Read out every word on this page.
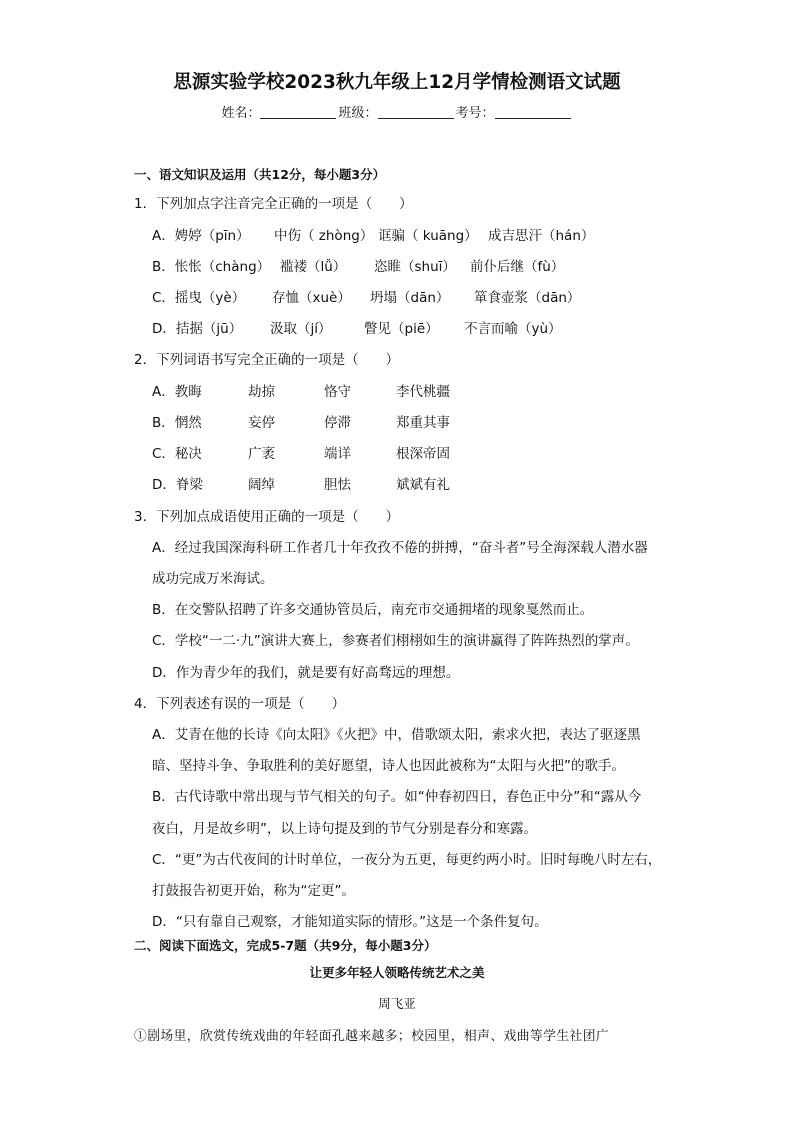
思源实验学校2023秋九年级上12月学情检测语文试题
姓名：	班级：	考号：
一、语文知识及运用（共12分，每小题3分）
1．下列加点字注音完全正确的一项是（　　）
A．娉婷（pīn） 中伤（ zhòng） 诓骗（ kuāng） 成吉思汗（hán）
B．怅怅（chàng） 褴褛（lǚ） 恣睢（shuī） 前仆后继（fù）
C．摇曳（yè） 存恤（xuè） 坍塌（dān） 箪食壶浆（dān）
D．拮据（jū） 汲取（jí） 瞥见（piē） 不言而喻（yù）
2．下列词语书写完全正确的一项是（　　）
A．教晦	劫掠	恪守	李代桃疆
B．惘然	妄停	停滞	郑重其事
C．秘决	广袤	端详	根深帝固
D．脊梁	阔绰	胆怯	斌斌有礼
3．下列加点成语使用正确的一项是（　　）
A．经过我国深海科研工作者几十年孜孜不倦的拼搏，“奋斗者”号全海深载人潜水器
成功完成万米海试。
B．在交警队招聘了许多交通协管员后，南充市交通拥堵的现象戛然而止。
C．学校“一二·九”演讲大赛上，参赛者们栩栩如生的演讲赢得了阵阵热烈的掌声。
D．作为青少年的我们，就是要有好高骛远的理想。
4．下列表述有误的一项是（　　）
A．艾青在他的长诗《向太阳》《火把》中，借歌颂太阳，索求火把，表达了驱逐黑
暗、坚持斗争、争取胜利的美好愿望，诗人也因此被称为“太阳与火把”的歌手。
B．古代诗歌中常出现与节气相关的句子。如“仲春初四日，春色正中分”和“露从今
夜白，月是故乡明”，以上诗句提及到的节气分别是春分和寒露。
C．“更”为古代夜间的计时单位，一夜分为五更，每更约两小时。旧时每晚八时左右，
打鼓报告初更开始，称为“定更”。
D．“只有靠自己观察，才能知道实际的情形。”这是一个条件复句。
二、阅读下面选文，完成5-7题（共9分，每小题3分）
让更多年轻人领略传统艺术之美
周飞亚
①剧场里，欣赏传统戏曲的年轻面孔越来越多；校园里，相声、戏曲等学生社团广
